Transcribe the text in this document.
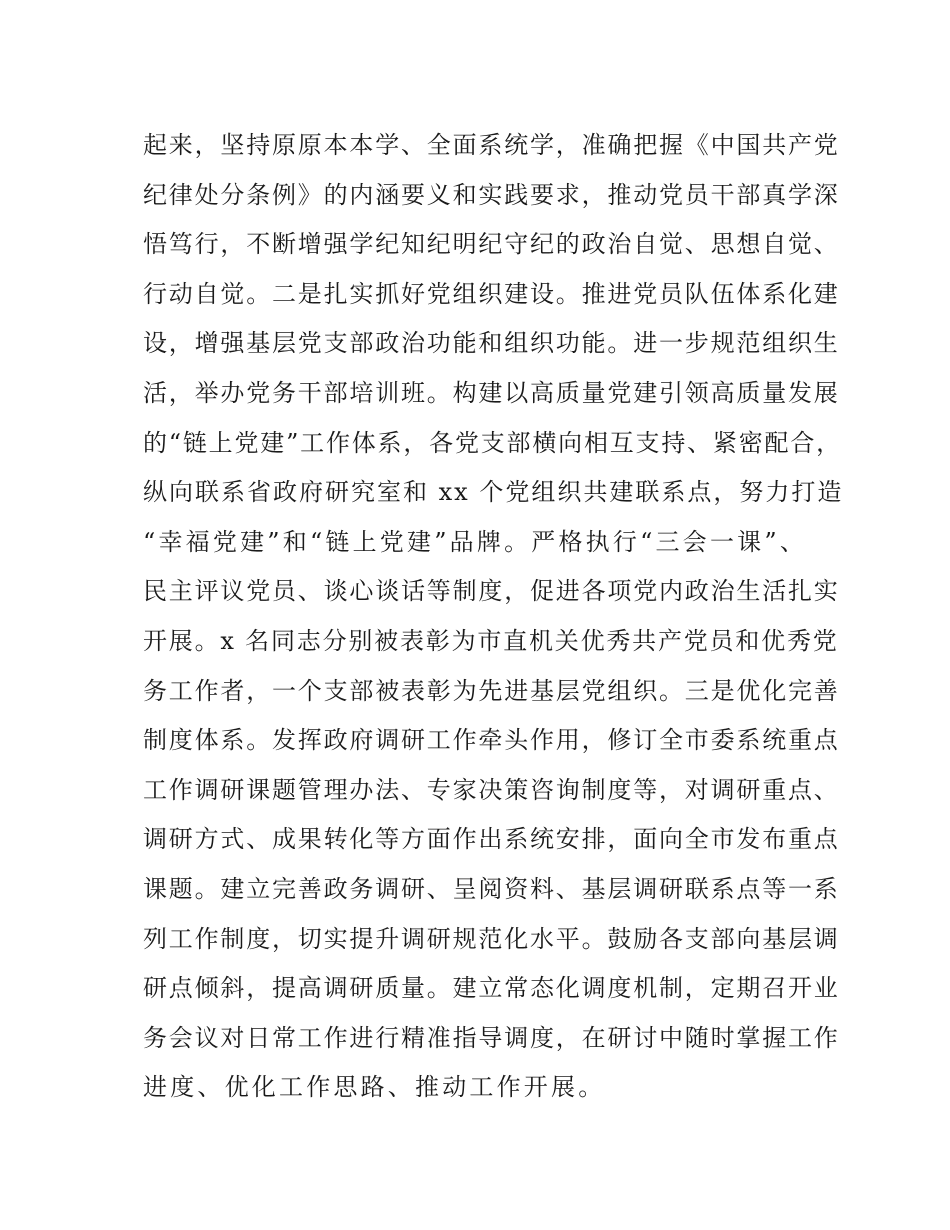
起来，坚持原原本本学、全面系统学，准确把握《中国共产党
纪律处分条例》的内涵要义和实践要求，推动党员干部真学深
悟笃行，不断增强学纪知纪明纪守纪的政治自觉、思想自觉、
行动自觉。二是扎实抓好党组织建设。推进党员队伍体系化建
设，增强基层党支部政治功能和组织功能。进一步规范组织生
活，举办党务干部培训班。构建以高质量党建引领高质量发展
的“链上党建”工作体系，各党支部横向相互支持、紧密配合，
纵向联系省政府研究室和 xx 个党组织共建联系点，努力打造
“幸福党建”和“链上党建”品牌。严格执行“三会一课”、
民主评议党员、谈心谈话等制度，促进各项党内政治生活扎实
开展。x 名同志分别被表彰为市直机关优秀共产党员和优秀党
务工作者，一个支部被表彰为先进基层党组织。三是优化完善
制度体系。发挥政府调研工作牵头作用，修订全市委系统重点
工作调研课题管理办法、专家决策咨询制度等，对调研重点、
调研方式、成果转化等方面作出系统安排，面向全市发布重点
课题。建立完善政务调研、呈阅资料、基层调研联系点等一系
列工作制度，切实提升调研规范化水平。鼓励各支部向基层调
研点倾斜，提高调研质量。建立常态化调度机制，定期召开业
务会议对日常工作进行精准指导调度，在研讨中随时掌握工作
进度、优化工作思路、推动工作开展。
